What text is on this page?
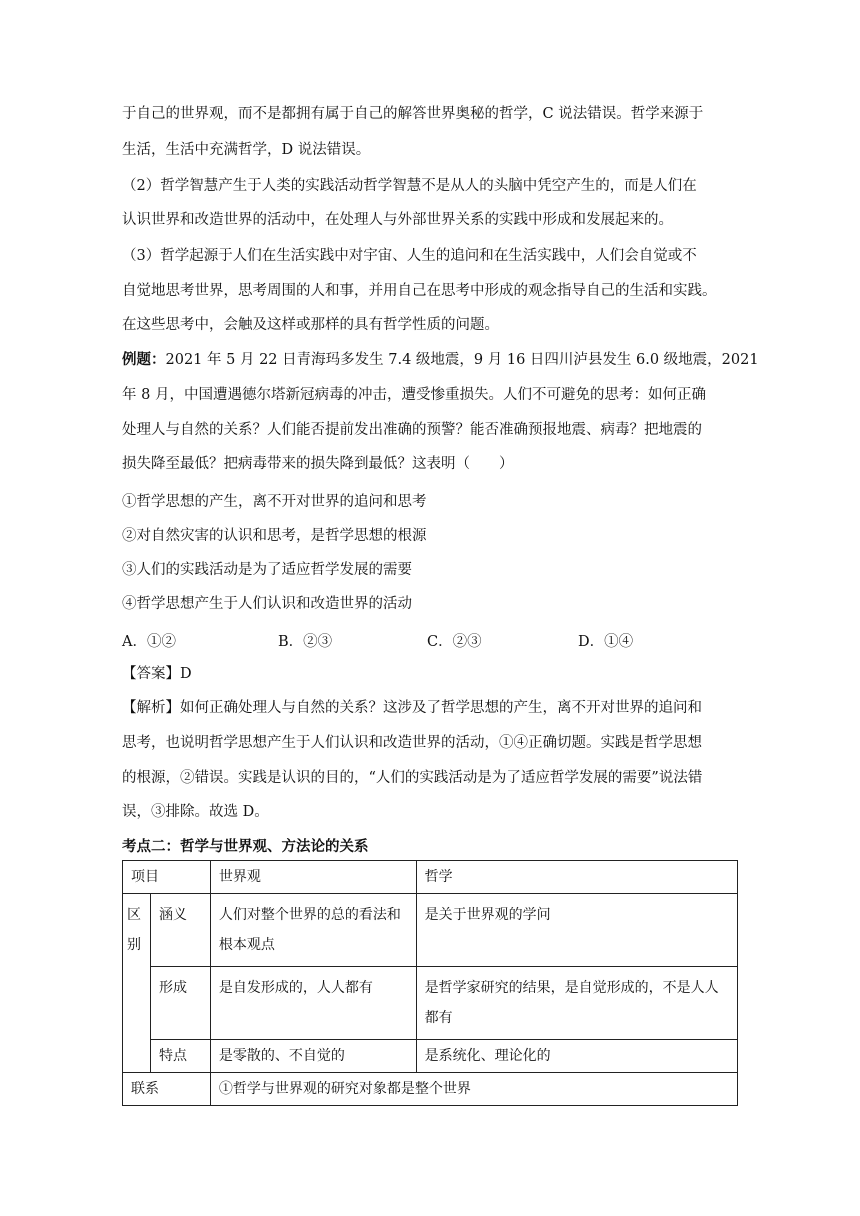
于自己的世界观，而不是都拥有属于自己的解答世界奥秘的哲学，C 说法错误。哲学来源于
生活，生活中充满哲学，D 说法错误。
（2）哲学智慧产生于人类的实践活动哲学智慧不是从人的头脑中凭空产生的，而是人们在
认识世界和改造世界的活动中，在处理人与外部世界关系的实践中形成和发展起来的。
（3）哲学起源于人们在生活实践中对宇宙、人生的追问和在生活实践中，人们会自觉或不
自觉地思考世界，思考周围的人和事，并用自己在思考中形成的观念指导自己的生活和实践。
在这些思考中，会触及这样或那样的具有哲学性质的问题。
例题：2021 年 5 月 22 日青海玛多发生 7.4 级地震，9 月 16 日四川泸县发生 6.0 级地震，2021
年 8 月，中国遭遇德尔塔新冠病毒的冲击，遭受惨重损失。人们不可避免的思考：如何正确
处理人与自然的关系？人们能否提前发出准确的预警？能否准确预报地震、病毒？把地震的
损失降至最低？把病毒带来的损失降到最低？这表明（　　）
①哲学思想的产生，离不开对世界的追问和思考
②对自然灾害的认识和思考，是哲学思想的根源
③人们的实践活动是为了适应哲学发展的需要
④哲学思想产生于人们认识和改造世界的活动
A．①②	B．②③	C．②③	D．①④
【答案】D
【解析】如何正确处理人与自然的关系？这涉及了哲学思想的产生，离不开对世界的追问和
思考，也说明哲学思想产生于人们认识和改造世界的活动，①④正确切题。实践是哲学思想
的根源，②错误。实践是认识的目的，“人们的实践活动是为了适应哲学发展的需要”说法错
误，③排除。故选 D。
考点二：哲学与世界观、方法论的关系
项目		世界观	哲学
区别	涵义	人们对整个世界的总的看法和根本观点	是关于世界观的学问
	形成	是自发形成的，人人都有	是哲学家研究的结果，是自觉形成的，不是人人都有
	特点	是零散的、不自觉的	是系统化、理论化的
联系		①哲学与世界观的研究对象都是整个世界	
